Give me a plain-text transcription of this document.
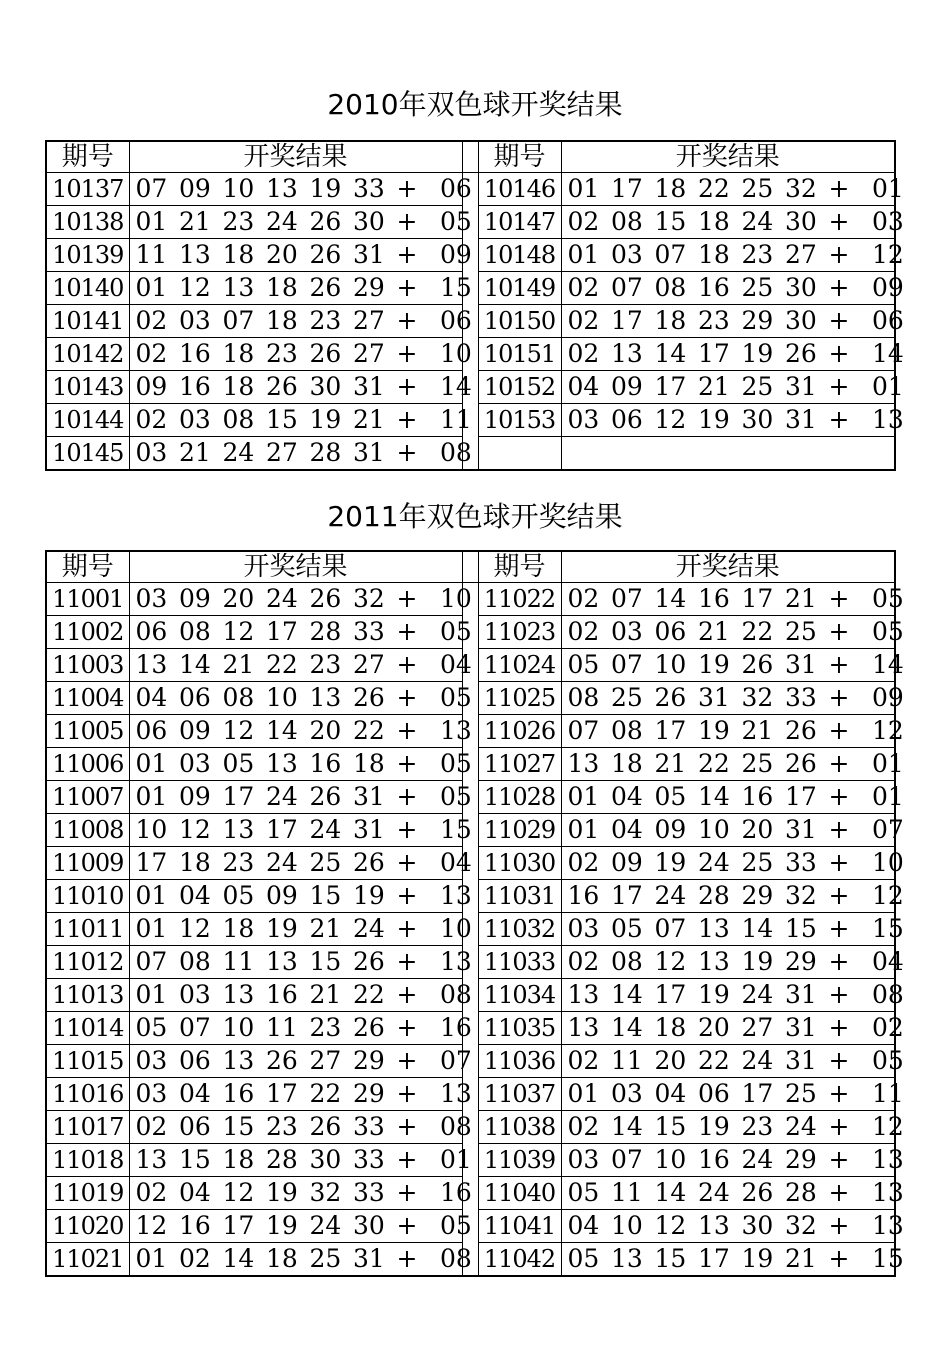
2010年双色球开奖结果
期号	开奖结果		期号	开奖结果
10137	07 09 10 13 19 33 + 06		10146	01 17 18 22 25 32 + 01
10138	01 21 23 24 26 30 + 05		10147	02 08 15 18 24 30 + 03
10139	11 13 18 20 26 31 + 09		10148	01 03 07 18 23 27 + 12
10140	01 12 13 18 26 29 + 15		10149	02 07 08 16 25 30 + 09
10141	02 03 07 18 23 27 + 06		10150	02 17 18 23 29 30 + 06
10142	02 16 18 23 26 27 + 10		10151	02 13 14 17 19 26 + 14
10143	09 16 18 26 30 31 + 14		10152	04 09 17 21 25 31 + 01
10144	02 03 08 15 19 21 + 11		10153	03 06 12 19 30 31 + 13
10145	03 21 24 27 28 31 + 08			
2011年双色球开奖结果
期号	开奖结果		期号	开奖结果
11001	03 09 20 24 26 32 + 10		11022	02 07 14 16 17 21 + 05
11002	06 08 12 17 28 33 + 05		11023	02 03 06 21 22 25 + 05
11003	13 14 21 22 23 27 + 04		11024	05 07 10 19 26 31 + 14
11004	04 06 08 10 13 26 + 05		11025	08 25 26 31 32 33 + 09
11005	06 09 12 14 20 22 + 13		11026	07 08 17 19 21 26 + 12
11006	01 03 05 13 16 18 + 05		11027	13 18 21 22 25 26 + 01
11007	01 09 17 24 26 31 + 05		11028	01 04 05 14 16 17 + 01
11008	10 12 13 17 24 31 + 15		11029	01 04 09 10 20 31 + 07
11009	17 18 23 24 25 26 + 04		11030	02 09 19 24 25 33 + 10
11010	01 04 05 09 15 19 + 13		11031	16 17 24 28 29 32 + 12
11011	01 12 18 19 21 24 + 10		11032	03 05 07 13 14 15 + 15
11012	07 08 11 13 15 26 + 13		11033	02 08 12 13 19 29 + 04
11013	01 03 13 16 21 22 + 08		11034	13 14 17 19 24 31 + 08
11014	05 07 10 11 23 26 + 16		11035	13 14 18 20 27 31 + 02
11015	03 06 13 26 27 29 + 07		11036	02 11 20 22 24 31 + 05
11016	03 04 16 17 22 29 + 13		11037	01 03 04 06 17 25 + 11
11017	02 06 15 23 26 33 + 08		11038	02 14 15 19 23 24 + 12
11018	13 15 18 28 30 33 + 01		11039	03 07 10 16 24 29 + 13
11019	02 04 12 19 32 33 + 16		11040	05 11 14 24 26 28 + 13
11020	12 16 17 19 24 30 + 05		11041	04 10 12 13 30 32 + 13
11021	01 02 14 18 25 31 + 08		11042	05 13 15 17 19 21 + 15
